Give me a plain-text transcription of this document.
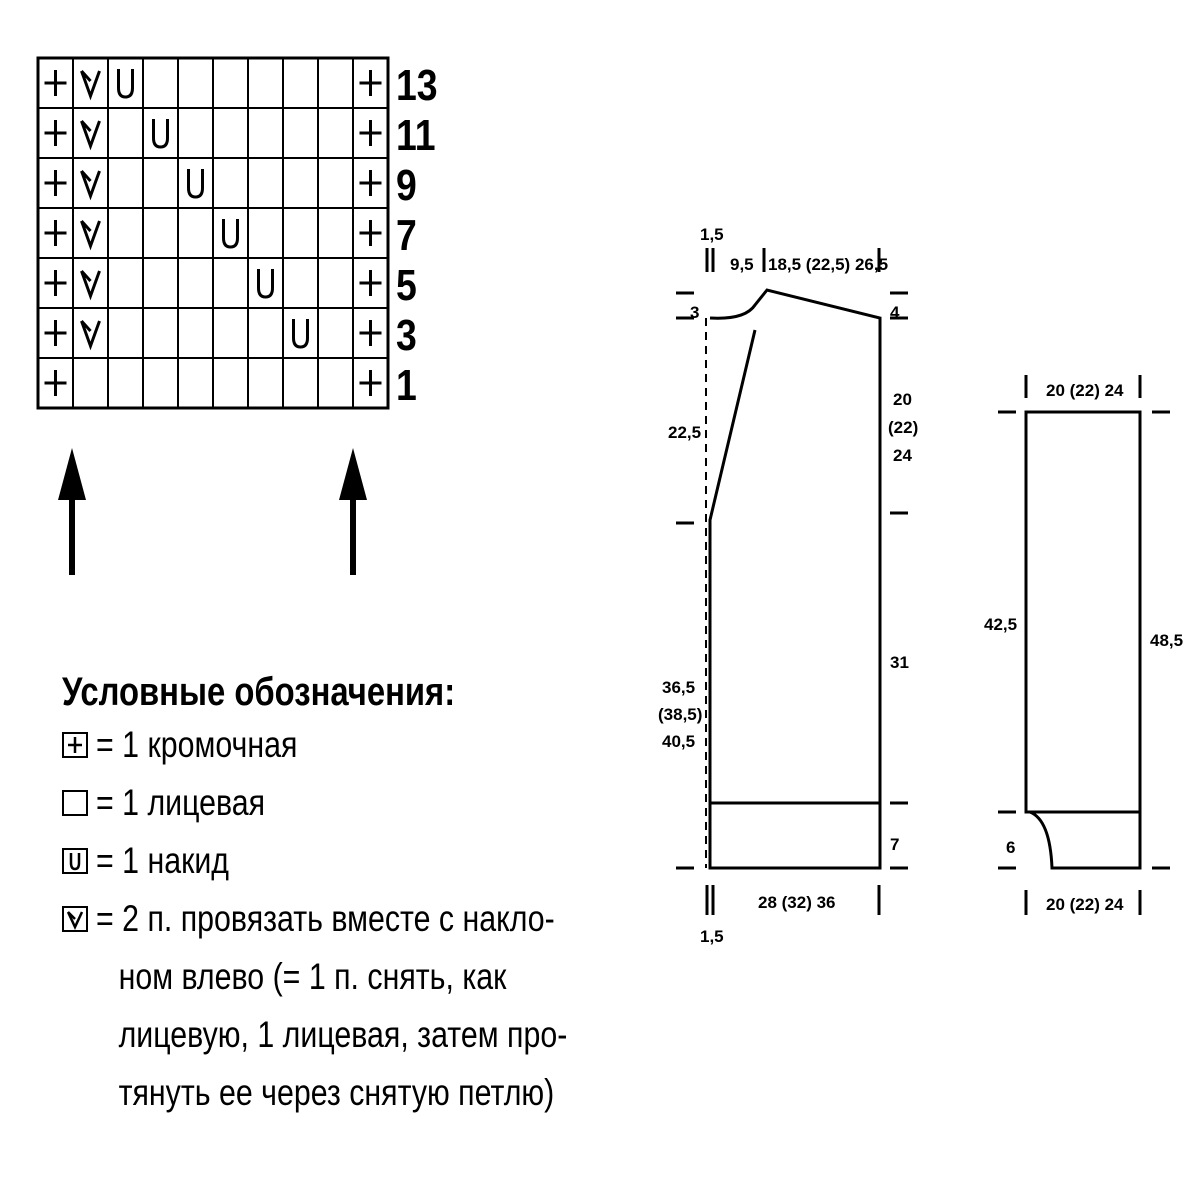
13
11
9
7
5
3
1
1,5
9,5 18,5 (22,5) 26,5
3	4
22,5
20
(22)
24
31
36,5
(38,5)
40,5
7
28 (32) 36
1,5
20 (22) 24
42,5
48,5
6
20 (22) 24
Условные обозначения:
= 1 кромочная
= 1 лицевая
= 1 накид
= 2 п. провязать вместе с накло-
ном влево (= 1 п. снять, как
лицевую, 1 лицевая, затем про-
тянуть ее через снятую петлю)
